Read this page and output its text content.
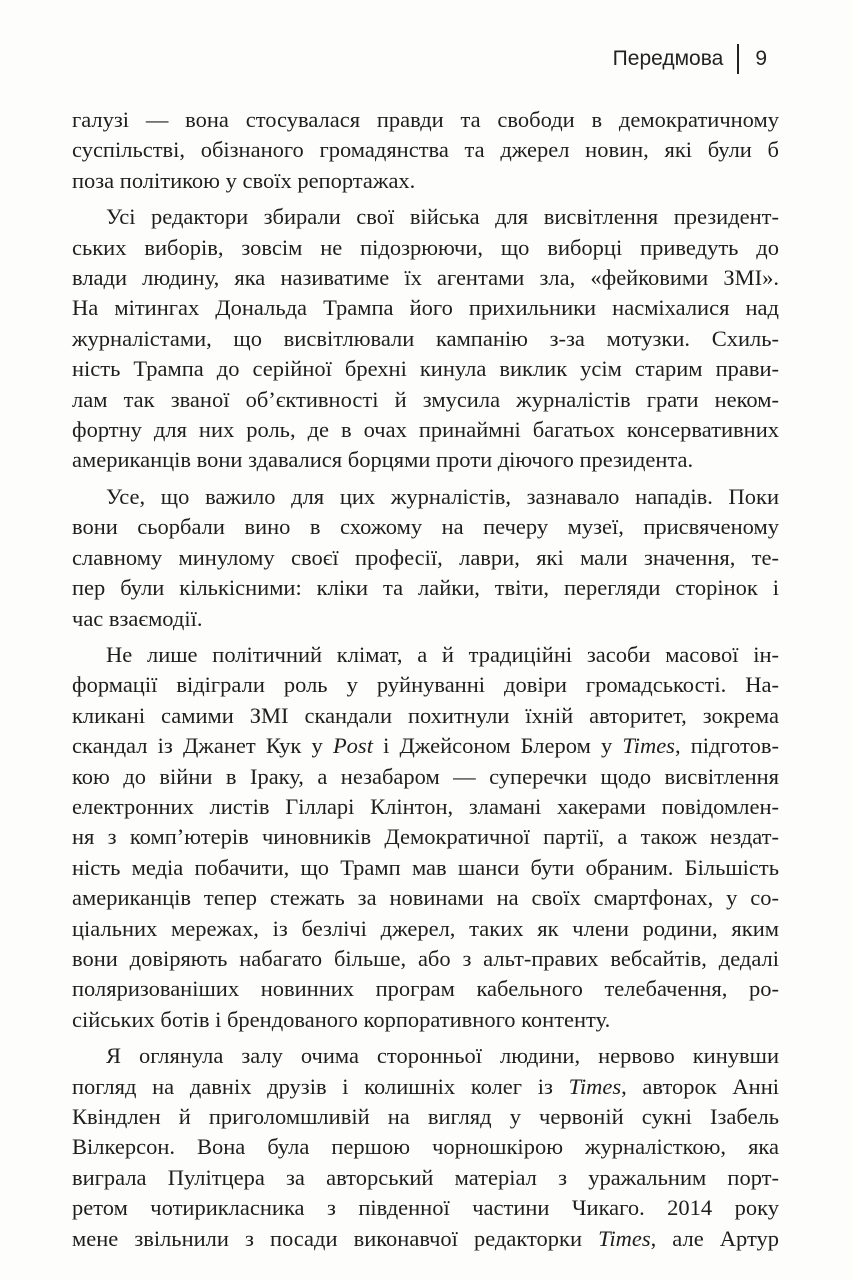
Передмова 9
галузі — вона стосувалася правди та свободи в демократичному
суспільстві, обізнаного громадянства та джерел новин, які були б
поза політикою у своїх репортажах.
Усі редактори збирали свої війська для висвітлення президент-
ських виборів, зовсім не підозрюючи, що виборці приведуть до
влади людину, яка називатиме їх агентами зла, «фейковими ЗМІ».
На мітингах Дональда Трампа його прихильники насміхалися над
журналістами, що висвітлювали кампанію з-за мотузки. Схиль-
ність Трампа до серійної брехні кинула виклик усім старим прави-
лам так званої об’єктивності й змусила журналістів грати неком-
фортну для них роль, де в очах принаймні багатьох консервативних
американців вони здавалися борцями проти діючого президента.
Усе, що важило для цих журналістів, зазнавало нападів. Поки
вони сьорбали вино в схожому на печеру музеї, присвяченому
славному минулому своєї професії, лаври, які мали значення, те-
пер були кількісними: кліки та лайки, твіти, перегляди сторінок і
час взаємодії.
Не лише політичний клімат, а й традиційні засоби масової ін-
формації відіграли роль у руйнуванні довіри громадськості. На-
кликані самими ЗМІ скандали похитнули їхній авторитет, зокрема
скандал із Джанет Кук у Post і Джейсоном Блером у Times, підготов-
кою до війни в Іраку, а незабаром — суперечки щодо висвітлення
електронних листів Гілларі Клінтон, зламані хакерами повідомлен-
ня з комп’ютерів чиновників Демократичної партії, а також нездат-
ність медіа побачити, що Трамп мав шанси бути обраним. Більшість
американців тепер стежать за новинами на своїх смартфонах, у со-
ціальних мережах, із безлічі джерел, таких як члени родини, яким
вони довіряють набагато більше, або з альт-правих вебсайтів, дедалі
поляризованіших новинних програм кабельного телебачення, ро-
сійських ботів і брендованого корпоративного контенту.
Я оглянула залу очима сторонньої людини, нервово кинувши
погляд на давніх друзів і колишніх колег із Times, авторок Анні
Квіндлен й приголомшливій на вигляд у червоній сукні Ізабель
Вілкерсон. Вона була першою чорношкірою журналісткою, яка
виграла Пулітцера за авторський матеріал з уражальним порт-
ретом чотирикласника з південної частини Чикаго. 2014 року
мене звільнили з посади виконавчої редакторки Times, але Артур
